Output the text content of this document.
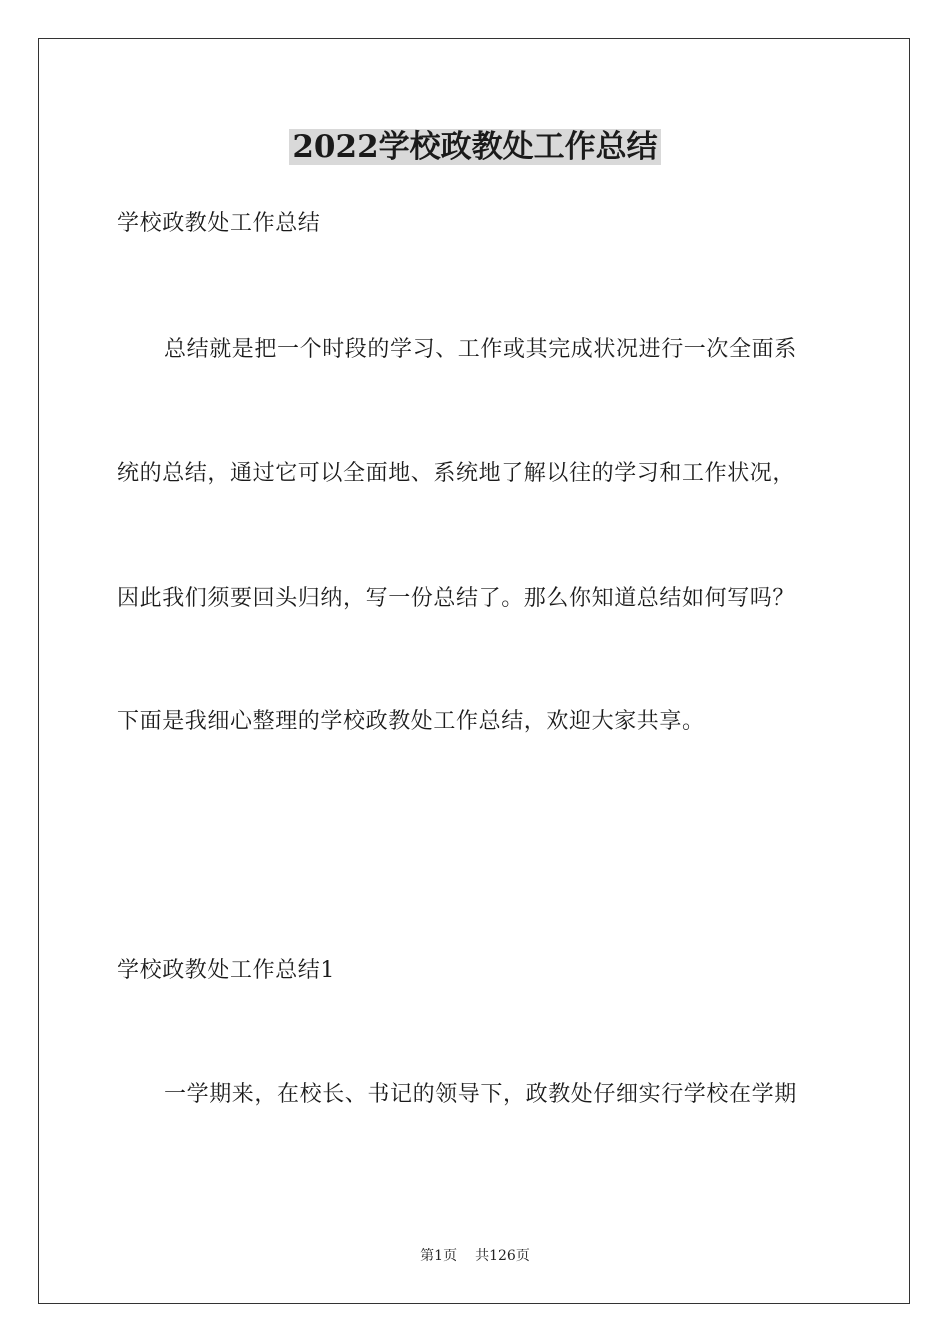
2022学校政教处工作总结

学校政教处工作总结

总结就是把一个时段的学习、工作或其完成状况进行一次全面系

统的总结，通过它可以全面地、系统地了解以往的学习和工作状况，

因此我们须要回头归纳，写一份总结了。那么你知道总结如何写吗？

下面是我细心整理的学校政教处工作总结，欢迎大家共享。

学校政教处工作总结1

一学期来，在校长、书记的领导下，政教处仔细实行学校在学期

第1页 共126页
